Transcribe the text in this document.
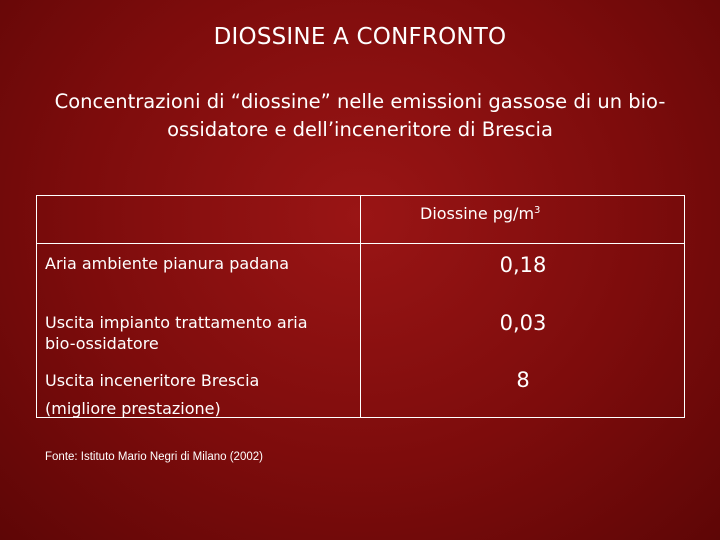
DIOSSINE A CONFRONTO
Concentrazioni di “diossine” nelle emissioni gassose di un bio-ossidatore e dell’inceneritore di Brescia
Diossine $pg/m^3$
Aria ambiente pianura padana	0,18
Uscita impianto trattamento aria
bio-ossidatore
0,03
Uscita inceneritore Brescia
(migliore prestazione)
8
Fonte: Istituto Mario Negri di Milano (2002)
